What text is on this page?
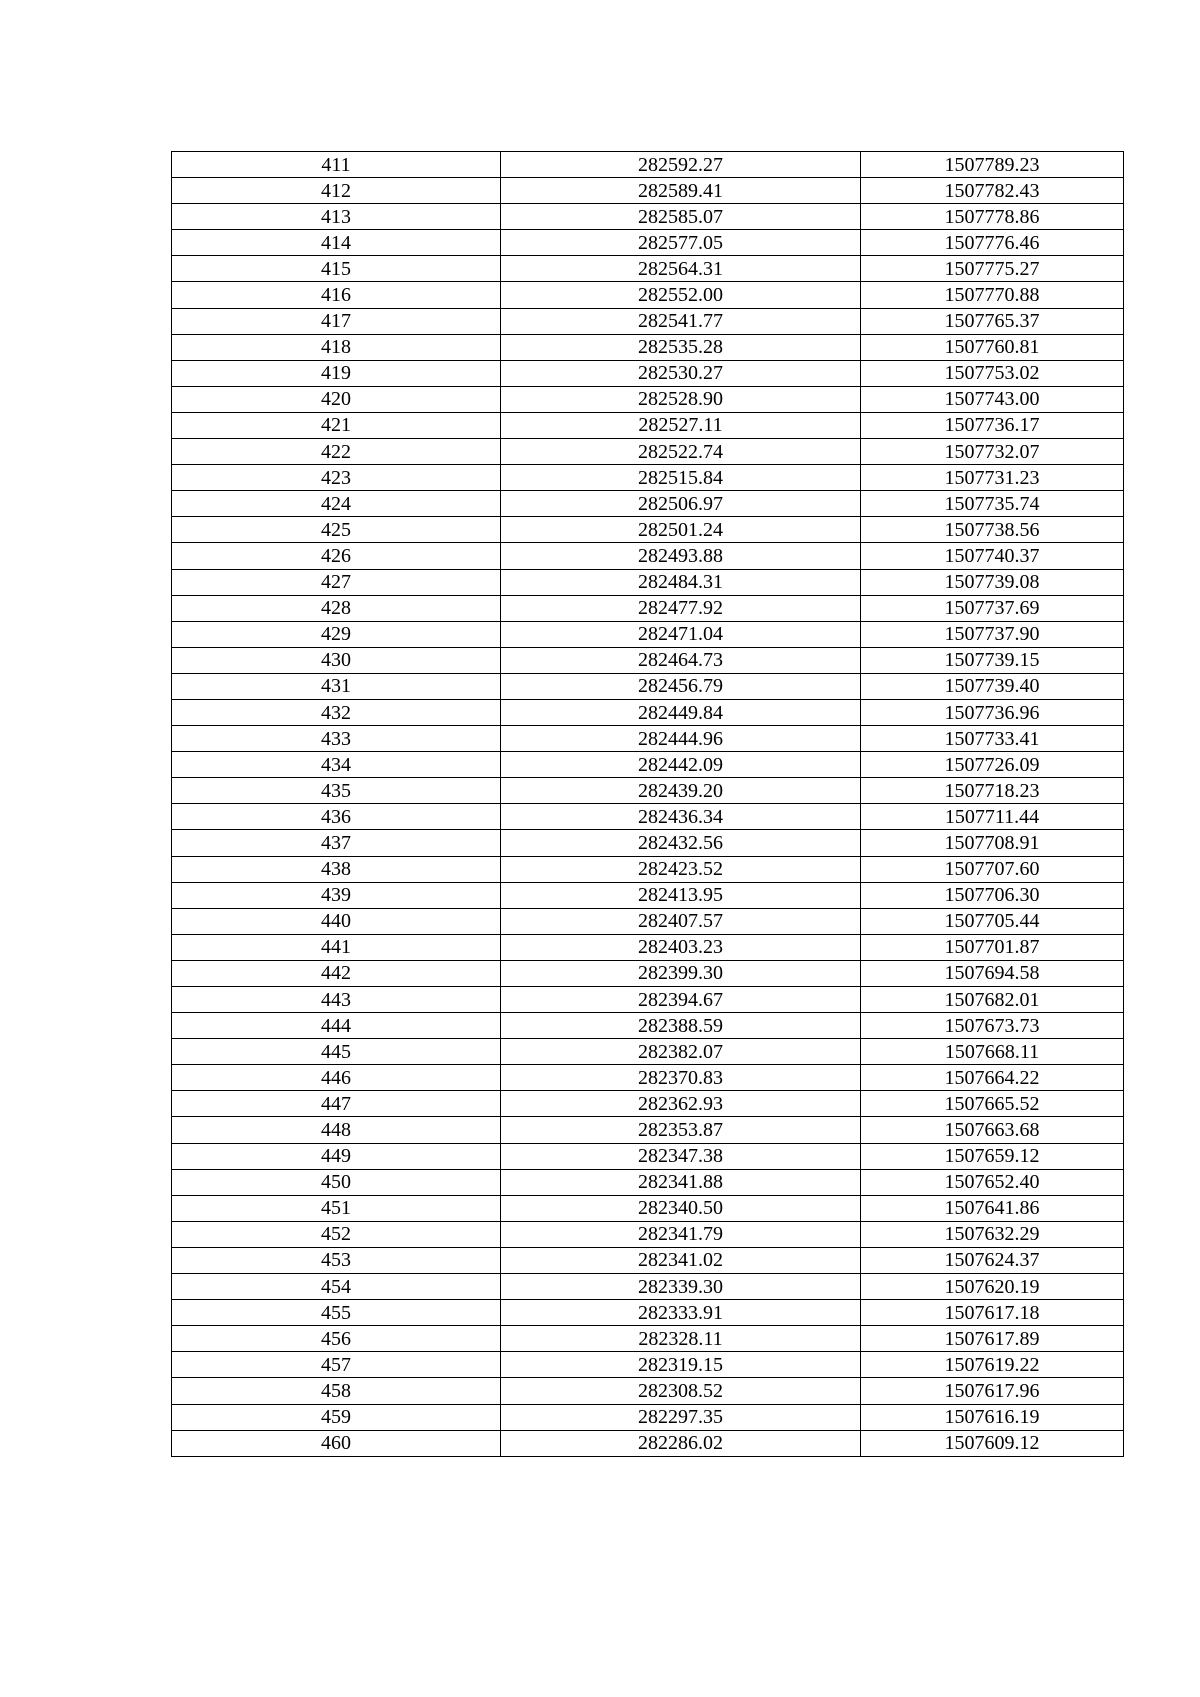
411	282592.27	1507789.23
412	282589.41	1507782.43
413	282585.07	1507778.86
414	282577.05	1507776.46
415	282564.31	1507775.27
416	282552.00	1507770.88
417	282541.77	1507765.37
418	282535.28	1507760.81
419	282530.27	1507753.02
420	282528.90	1507743.00
421	282527.11	1507736.17
422	282522.74	1507732.07
423	282515.84	1507731.23
424	282506.97	1507735.74
425	282501.24	1507738.56
426	282493.88	1507740.37
427	282484.31	1507739.08
428	282477.92	1507737.69
429	282471.04	1507737.90
430	282464.73	1507739.15
431	282456.79	1507739.40
432	282449.84	1507736.96
433	282444.96	1507733.41
434	282442.09	1507726.09
435	282439.20	1507718.23
436	282436.34	1507711.44
437	282432.56	1507708.91
438	282423.52	1507707.60
439	282413.95	1507706.30
440	282407.57	1507705.44
441	282403.23	1507701.87
442	282399.30	1507694.58
443	282394.67	1507682.01
444	282388.59	1507673.73
445	282382.07	1507668.11
446	282370.83	1507664.22
447	282362.93	1507665.52
448	282353.87	1507663.68
449	282347.38	1507659.12
450	282341.88	1507652.40
451	282340.50	1507641.86
452	282341.79	1507632.29
453	282341.02	1507624.37
454	282339.30	1507620.19
455	282333.91	1507617.18
456	282328.11	1507617.89
457	282319.15	1507619.22
458	282308.52	1507617.96
459	282297.35	1507616.19
460	282286.02	1507609.12
